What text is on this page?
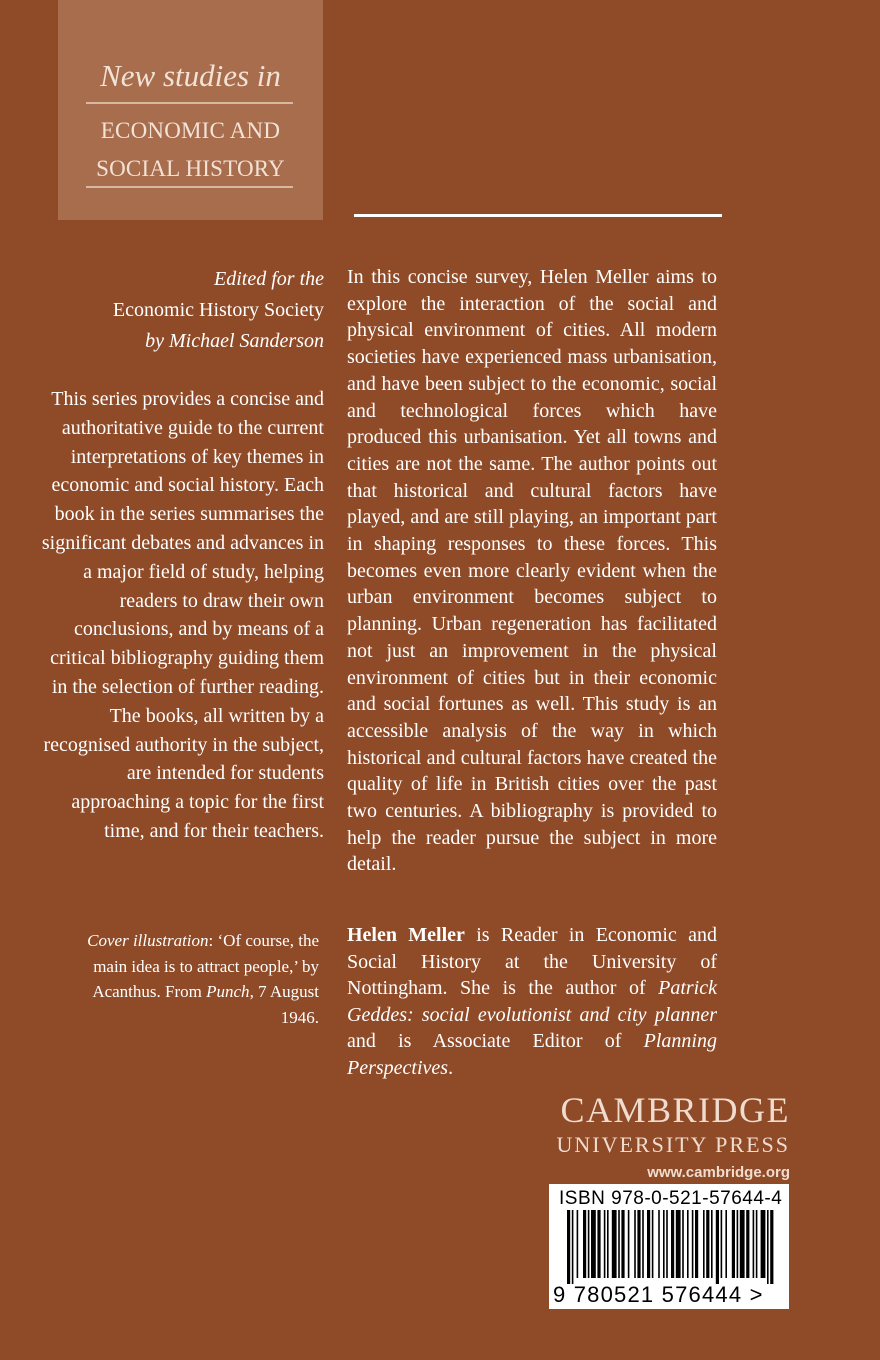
New studies in
ECONOMIC AND
SOCIAL HISTORY
Edited for the
Economic History Society
by Michael Sanderson
This series provides a concise and authoritative guide to the current interpretations of key themes in economic and social history. Each book in the series summarises the significant debates and advances in a major field of study, helping readers to draw their own conclusions, and by means of a critical bibliography guiding them in the selection of further reading. The books, all written by a recognised authority in the subject, are intended for students approaching a topic for the first time, and for their teachers.
Cover illustration: ‘Of course, the main idea is to attract people,’ by Acanthus. From Punch, 7 August 1946.
In this concise survey, Helen Meller aims to explore the interaction of the social and physical environment of cities. All modern societies have experienced mass urbanisation, and have been subject to the economic, social and technological forces which have produced this urbanisation. Yet all towns and cities are not the same. The author points out that historical and cultural factors have played, and are still playing, an important part in shaping responses to these forces. This becomes even more clearly evident when the urban environment becomes subject to planning. Urban regeneration has facilitated not just an improvement in the physical environment of cities but in their economic and social fortunes as well. This study is an accessible analysis of the way in which historical and cultural factors have created the quality of life in British cities over the past two centuries. A bibliography is provided to help the reader pursue the subject in more detail.
Helen Meller is Reader in Economic and Social History at the University of Nottingham. She is the author of Patrick Geddes: social evolutionist and city planner and is Associate Editor of Planning Perspectives.
CAMBRIDGE
UNIVERSITY PRESS
www.cambridge.org
ISBN 978-0-521-57644-4
9 780521 576444 >
